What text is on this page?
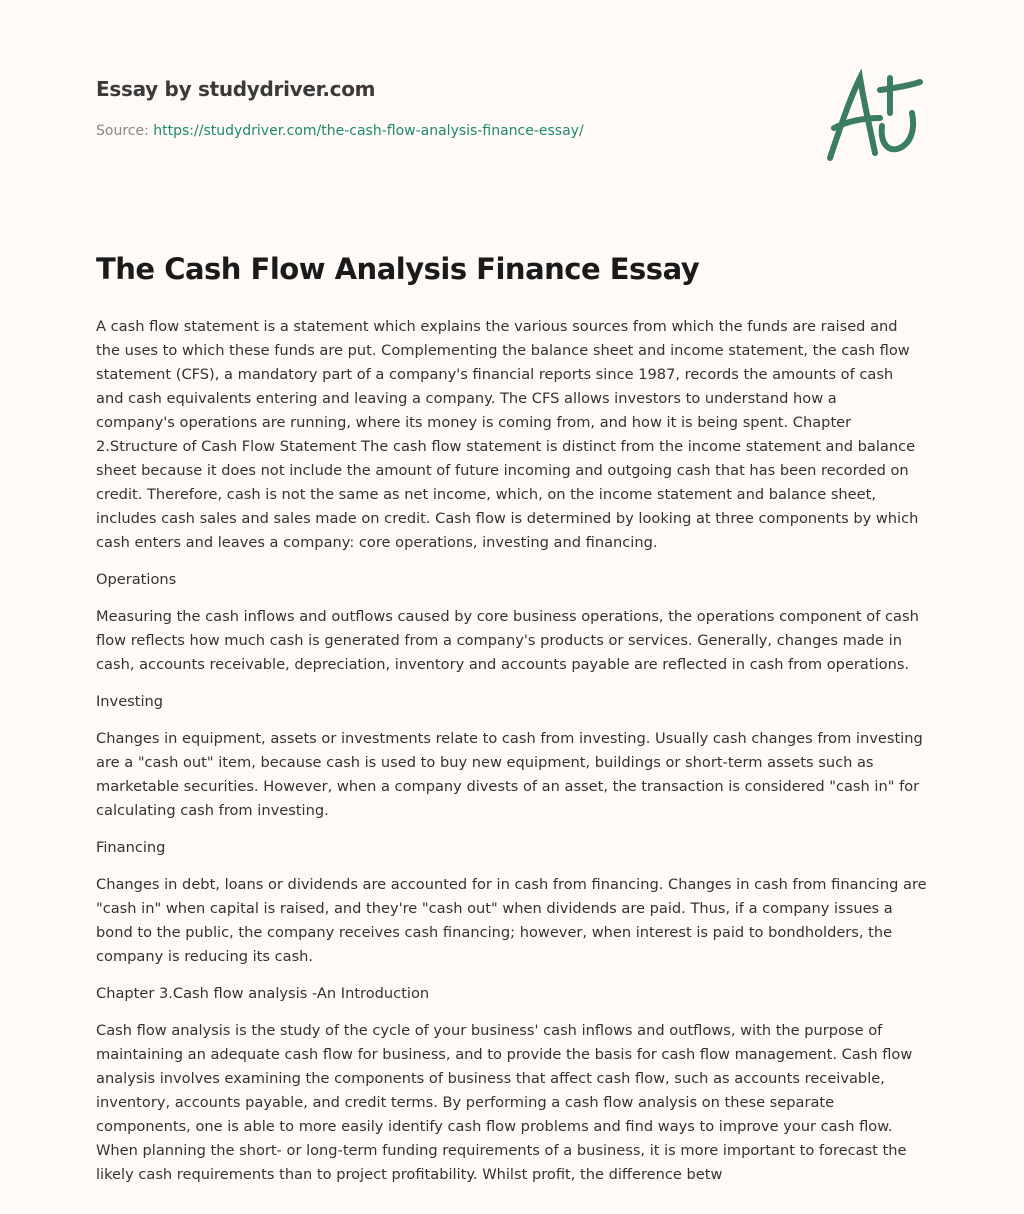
Essay by studydriver.com
Source: https://studydriver.com/the-cash-flow-analysis-finance-essay/
The Cash Flow Analysis Finance Essay
A cash flow statement is a statement which explains the various sources from which the funds are raised and
the uses to which these funds are put. Complementing the balance sheet and income statement, the cash flow
statement (CFS), a mandatory part of a company's financial reports since 1987, records the amounts of cash
and cash equivalents entering and leaving a company. The CFS allows investors to understand how a
company's operations are running, where its money is coming from, and how it is being spent. Chapter
2.Structure of Cash Flow Statement The cash flow statement is distinct from the income statement and balance
sheet because it does not include the amount of future incoming and outgoing cash that has been recorded on
credit. Therefore, cash is not the same as net income, which, on the income statement and balance sheet,
includes cash sales and sales made on credit. Cash flow is determined by looking at three components by which
cash enters and leaves a company: core operations, investing and financing.
Operations
Measuring the cash inflows and outflows caused by core business operations, the operations component of cash
flow reflects how much cash is generated from a company's products or services. Generally, changes made in
cash, accounts receivable, depreciation, inventory and accounts payable are reflected in cash from operations.
Investing
Changes in equipment, assets or investments relate to cash from investing. Usually cash changes from investing
are a "cash out" item, because cash is used to buy new equipment, buildings or short-term assets such as
marketable securities. However, when a company divests of an asset, the transaction is considered "cash in" for
calculating cash from investing.
Financing
Changes in debt, loans or dividends are accounted for in cash from financing. Changes in cash from financing are
"cash in" when capital is raised, and they're "cash out" when dividends are paid. Thus, if a company issues a
bond to the public, the company receives cash financing; however, when interest is paid to bondholders, the
company is reducing its cash.
Chapter 3.Cash flow analysis -An Introduction
Cash flow analysis is the study of the cycle of your business' cash inflows and outflows, with the purpose of
maintaining an adequate cash flow for business, and to provide the basis for cash flow management. Cash flow
analysis involves examining the components of business that affect cash flow, such as accounts receivable,
inventory, accounts payable, and credit terms. By performing a cash flow analysis on these separate
components, one is able to more easily identify cash flow problems and find ways to improve your cash flow.
When planning the short- or long-term funding requirements of a business, it is more important to forecast the
likely cash requirements than to project profitability. Whilst profit, the difference betw
